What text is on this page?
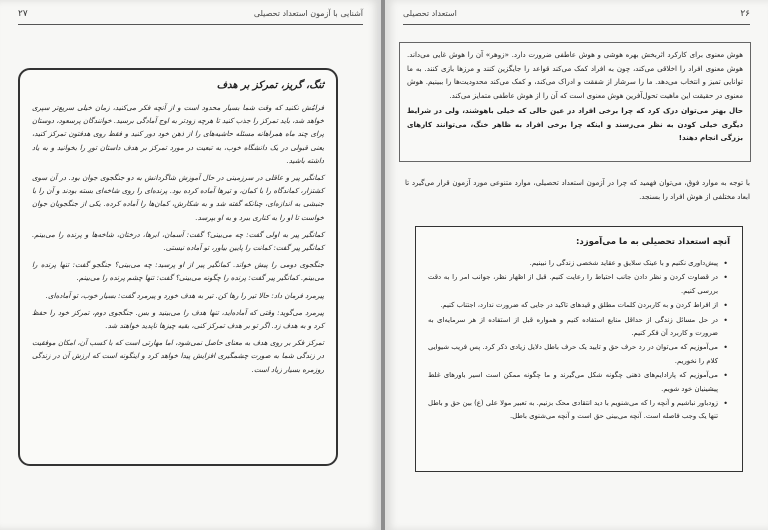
۲۷	آشنایی با آزمون استعداد تحصیلی
ثنگ، گریز، تمرکز بر هدف

فرامُش نکنید که وقت شما بسیار محدود است و از آنچه فکر می‌کنید، زمان خیلی سریع‌تر سپری خواهد شد، باید تمرکز را جذب کنید تا هرچه زودتر به اوج آمادگی برسید. خوانندگان پرسعود، دوستان پرای چند ماه همراهانه مسئله حاشیه‌های را از ذهن خود دور کنید و فقط روی هدفتون تمرکز کنید، یعنی قبولی در یک دانشگاه خوب، به تبعیت در مورد تمرکز بر هدف داستان تورِ را بخوانید و به یاد داشته باشید.

کمانگیر پیر و عاقلی در سرزمینی در حال آموزش شاگردانش به دو جنگجوی جوان بود. در آن سوی کشتزار، کماندگاه را با کمان، و تیرها آماده کرده بود. پرنده‌ای را روی شاخه‌ای بسته بودند و آن را با جنبشی به اندازه‌ای، چنانکه گفته شد و به شکارش، کمان‌ها را آماده کرده. یکی از جنگجویان جوان خواست تا او را به کناری ببرد و به او بپرسد.

کمانگیر پیر به اولی گفت: چه می‌بینی؟ گفت: آسمان، ابرها، درختان، شاخه‌ها و پرنده را می‌بینم. کمانگیر پیر گفت: کمانت را پایین بیاور، تو آماده نیستی.

جنگجوی دومی را پیش خواند. کمانگیر پیر از او پرسید: چه می‌بینی؟ جنگجو گفت: تنها پرنده را می‌بینم. کمانگیر پیر گفت: پرنده را چگونه می‌بینی؟ گفت: تنها چشم پرنده را می‌بینم.

پیرمرد فرمان داد: حالا تیر را رها کن. تیر به هدف خورد و پیرمرد گفت: بسیار خوب، تو آماده‌ای.

پیرمرد می‌گوید: وقتی که آماده‌اید، تنها هدف را می‌بینید و بس. جنگجوی دوم، تمرکز خود را حفظ کرد و به هدف زد. اگر تو بر هدف تمرکز کنی، بقیه چیزها ناپدید خواهند شد.

تمرکز فکر بر روی هدف به معنای حاصل نمی‌شود، اما مهارتی است که با کسب آن، امکان موفقیت در زندگی شما به صورت چشمگیری افزایش پیدا خواهد کرد و اینگونه است که ارزش آن در زندگی روزمره بسیار زیاد است.

۲۶
استعداد تحصیلی

هوش معنوی برای کارکرد اثربخش بهره هوشی و هوش عاطفی ضرورت دارد. «زوهر» آن را هوش غایی می‌داند. هوش معنوی افراد را اخلاقی می‌کند، چون به افراد کمک می‌کند قواعد را جایگزین کنند و مرزها بازی کنند. به ما توانایی تمیز و انتخاب می‌دهد. ما را سرشار از شفقت و ادراک می‌کند، و کمک می‌کند محدودیت‌ها را ببینیم. هوش معنوی در حقیقت این ماهیت تحول‌آفرین هوش معنوی است که آن را از هوش عاطفی متمایز می‌کند.

حال بهتر می‌توان درک کرد که چرا برخی افراد در عین حالی که خیلی باهوشند، ولی در شرایط دیگری خیلی کودن به نظر می‌رسند و اینکه چرا برخی افراد به ظاهر خنگ، می‌توانند کارهای بزرگی انجام دهند!

با توجه به موارد فوق، می‌توان فهمید که چرا در آزمون استعداد تحصیلی، موارد متنوعی مورد آزمون قرار می‌گیرد تا ابعاد مختلفی از هوش افراد را بسنجد.

آنچه استعداد تحصیلی به ما می‌آموزد:
• پیش‌داوری نکنیم و با عینک سلایق و عقاید شخصی زندگی را نبینیم.
• در قضاوت کردن و نظر دادن جانب احتیاط را رعایت کنیم. قبل از اظهار نظر، جوانب امر را به دقت بررسی کنیم.
• از افراط کردن و به کاربردن کلمات مطلق و قیدهای تاکید در جایی که ضرورت ندارد، اجتناب کنیم.
• در حل مسائل زندگی از حداقل منابع استفاده کنیم و همواره قبل از استفاده از هر سرمایه‌ای به ضرورت و کاربرد آن فکر کنیم.
• می‌آموزیم که می‌توان در رد حرف حق و تایید یک حرف باطل دلایل زیادی ذکر کرد. پس فریب شیوایی کلام را نخوریم.
• می‌آموزیم که پارادایم‌های ذهنی چگونه شکل می‌گیرند و ما چگونه ممکن است اسیر باورهای غلط پیشینیان خود شویم.
• زودباور نباشیم و آنچه را که می‌شنویم با دید انتقادی محک بزنیم. به تعبیر مولا علی (ع) بین حق و باطل تنها یک وجب فاصله است. آنچه می‌بینی حق است و آنچه می‌شنوی باطل.
